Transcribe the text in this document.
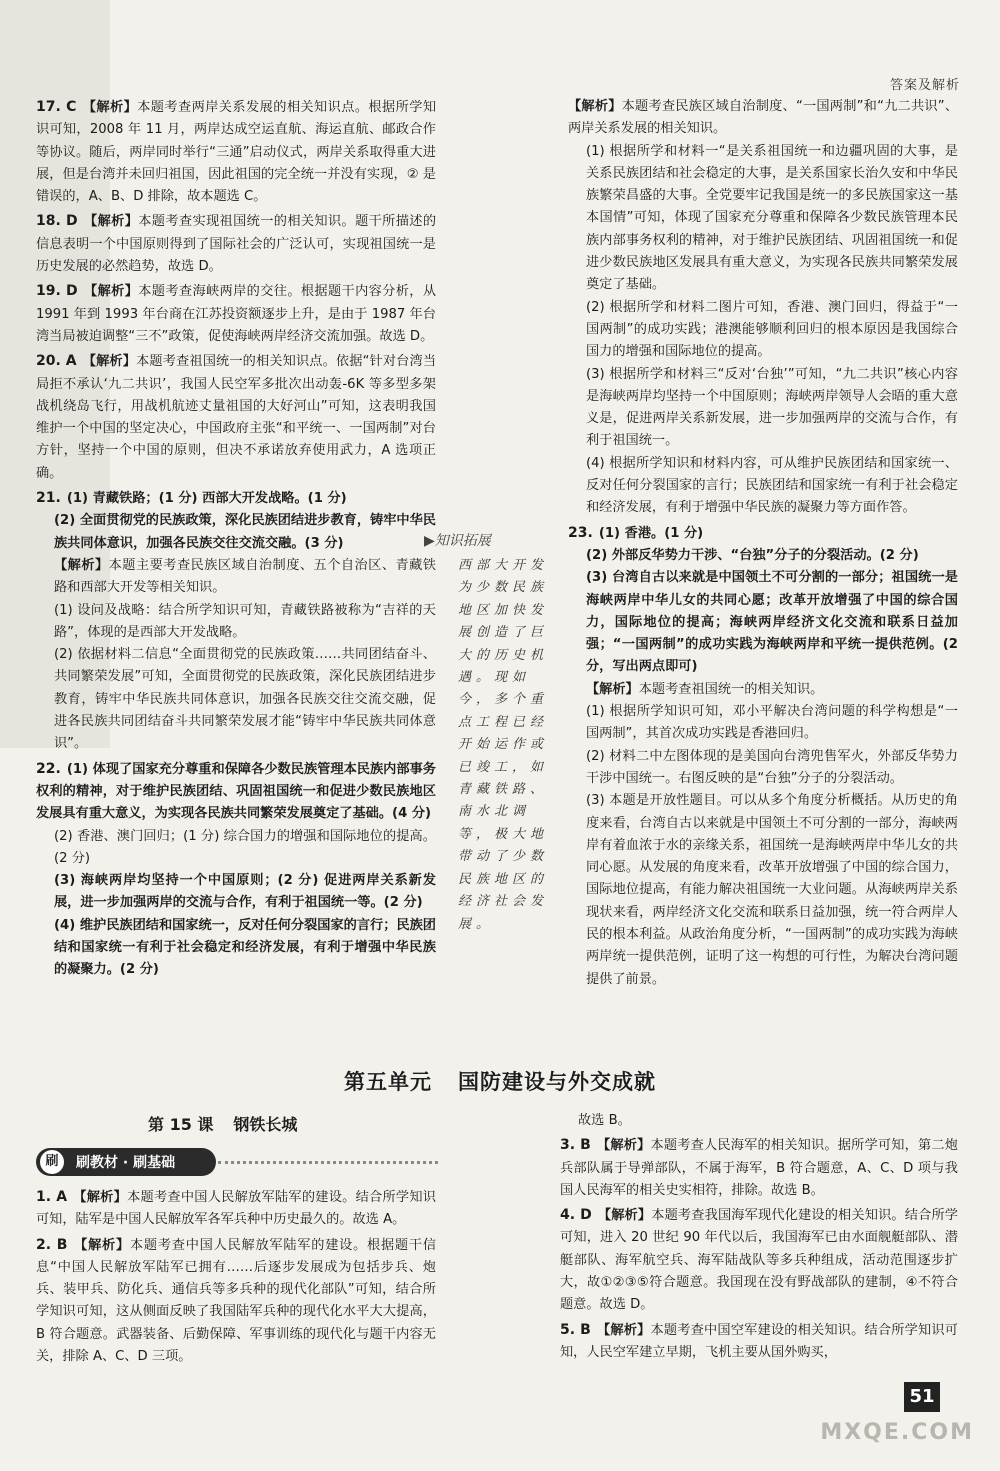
答案及解析
17. C 【解析】本题考查两岸关系发展的相关知识点。根据所学知识可知，2008 年 11 月，两岸达成空运直航、海运直航、邮政合作等协议。随后，两岸同时举行“三通”启动仪式，两岸关系取得重大进展，但是台湾并未回归祖国，因此祖国的完全统一并没有实现，② 是错误的，A、B、D 排除，故本题选 C。
18. D 【解析】本题考查实现祖国统一的相关知识。题干所描述的信息表明一个中国原则得到了国际社会的广泛认可，实现祖国统一是历史发展的必然趋势，故选 D。
19. D 【解析】本题考查海峡两岸的交往。根据题干内容分析，从 1991 年到 1993 年台商在江苏投资额逐步上升，是由于 1987 年台湾当局被迫调整“三不”政策，促使海峡两岸经济交流加强。故选 D。
20. A 【解析】本题考查祖国统一的相关知识点。依据“针对台湾当局拒不承认‘九二共识’，我国人民空军多批次出动轰-6K 等多型多架战机绕岛飞行，用战机航迹丈量祖国的大好河山”可知，这表明我国维护一个中国的坚定决心，中国政府主张“和平统一、一国两制”对台方针，坚持一个中国的原则，但决不承诺放弃使用武力，A 选项正确。
21. (1) 青藏铁路；(1 分) 西部大开发战略。(1 分)
(2) 全面贯彻党的民族政策，深化民族团结进步教育，铸牢中华民族共同体意识，加强各民族交往交流交融。(3 分)
【解析】本题主要考查民族区域自治制度、五个自治区、青藏铁路和西部大开发等相关知识。
(1) 设问及战略：结合所学知识可知，青藏铁路被称为“吉祥的天路”，体现的是西部大开发战略。
(2) 依据材料二信息“全面贯彻党的民族政策……共同团结奋斗、共同繁荣发展”可知，全面贯彻党的民族政策，深化民族团结进步教育，铸牢中华民族共同体意识，加强各民族交往交流交融，促进各民族共同团结奋斗共同繁荣发展才能“铸牢中华民族共同体意识”。
22. (1) 体现了国家充分尊重和保障各少数民族管理本民族内部事务权利的精神，对于维护民族团结、巩固祖国统一和促进少数民族地区发展具有重大意义，为实现各民族共同繁荣发展奠定了基础。(4 分)
(2) 香港、澳门回归；(1 分) 综合国力的增强和国际地位的提高。(2 分)
(3) 海峡两岸均坚持一个中国原则；(2 分) 促进两岸关系新发展，进一步加强两岸的交流与合作，有利于祖国统一等。(2 分)
(4) 维护民族团结和国家统一，反对任何分裂国家的言行；民族团结和国家统一有利于社会稳定和经济发展，有利于增强中华民族的凝聚力。(2 分)
▶知识拓展
西部大开发为少数民族地区加快发展创造了巨大的历史机遇。现如今，多个重点工程已经开始运作或已竣工，如青藏铁路、南水北调等，极大地带动了少数民族地区的经济社会发展。
【解析】本题考查民族区域自治制度、“一国两制”和“九二共识”、两岸关系发展的相关知识。
(1) 根据所学和材料一“是关系祖国统一和边疆巩固的大事，是关系民族团结和社会稳定的大事，是关系国家长治久安和中华民族繁荣昌盛的大事。全党要牢记我国是统一的多民族国家这一基本国情”可知，体现了国家充分尊重和保障各少数民族管理本民族内部事务权利的精神，对于维护民族团结、巩固祖国统一和促进少数民族地区发展具有重大意义，为实现各民族共同繁荣发展奠定了基础。
(2) 根据所学和材料二图片可知，香港、澳门回归，得益于“一国两制”的成功实践；港澳能够顺利回归的根本原因是我国综合国力的增强和国际地位的提高。
(3) 根据所学和材料三“反对‘台独’”可知，“九二共识”核心内容是海峡两岸均坚持一个中国原则；海峡两岸领导人会晤的重大意义是，促进两岸关系新发展，进一步加强两岸的交流与合作，有利于祖国统一。
(4) 根据所学知识和材料内容，可从维护民族团结和国家统一、反对任何分裂国家的言行；民族团结和国家统一有利于社会稳定和经济发展，有利于增强中华民族的凝聚力等方面作答。
23. (1) 香港。(1 分)
(2) 外部反华势力干涉、“台独”分子的分裂活动。(2 分)
(3) 台湾自古以来就是中国领土不可分割的一部分；祖国统一是海峡两岸中华儿女的共同心愿；改革开放增强了中国的综合国力，国际地位的提高；海峡两岸经济文化交流和联系日益加强；“一国两制”的成功实践为海峡两岸和平统一提供范例。(2 分，写出两点即可)
【解析】本题考查祖国统一的相关知识。
(1) 根据所学知识可知，邓小平解决台湾问题的科学构想是“一国两制”，其首次成功实践是香港回归。
(2) 材料二中左图体现的是美国向台湾兜售军火，外部反华势力干涉中国统一。右图反映的是“台独”分子的分裂活动。
(3) 本题是开放性题目。可以从多个角度分析概括。从历史的角度来看，台湾自古以来就是中国领土不可分割的一部分，海峡两岸有着血浓于水的亲缘关系，祖国统一是海峡两岸中华儿女的共同心愿。从发展的角度来看，改革开放增强了中国的综合国力，国际地位提高，有能力解决祖国统一大业问题。从海峡两岸关系现状来看，两岸经济文化交流和联系日益加强，统一符合两岸人民的根本利益。从政治角度分析，“一国两制”的成功实践为海峡两岸统一提供范例，证明了这一构想的可行性，为解决台湾问题提供了前景。
第五单元 国防建设与外交成就
第 15 课 钢铁长城
刷	刷教材 · 刷基础
1. A 【解析】本题考查中国人民解放军陆军的建设。结合所学知识可知，陆军是中国人民解放军各军兵种中历史最久的。故选 A。
2. B 【解析】本题考查中国人民解放军陆军的建设。根据题干信息“中国人民解放军陆军已拥有……后逐步发展成为包括步兵、炮兵、装甲兵、防化兵、通信兵等多兵种的现代化部队”可知，结合所学知识可知，这从侧面反映了我国陆军兵种的现代化水平大大提高，B 符合题意。武器装备、后勤保障、军事训练的现代化与题干内容无关，排除 A、C、D 三项。
故选 B。
3. B 【解析】本题考查人民海军的相关知识。据所学可知，第二炮兵部队属于导弹部队，不属于海军，B 符合题意，A、C、D 项与我国人民海军的相关史实相符，排除。故选 B。
4. D 【解析】本题考查我国海军现代化建设的相关知识。结合所学可知，进入 20 世纪 90 年代以后，我国海军已由水面舰艇部队、潜艇部队、海军航空兵、海军陆战队等多兵种组成，活动范围逐步扩大，故①②③⑤符合题意。我国现在没有野战部队的建制，④不符合题意。故选 D。
5. B 【解析】本题考查中国空军建设的相关知识。结合所学知识可知，人民空军建立早期，飞机主要从国外购买，
51
MXQE.COM
